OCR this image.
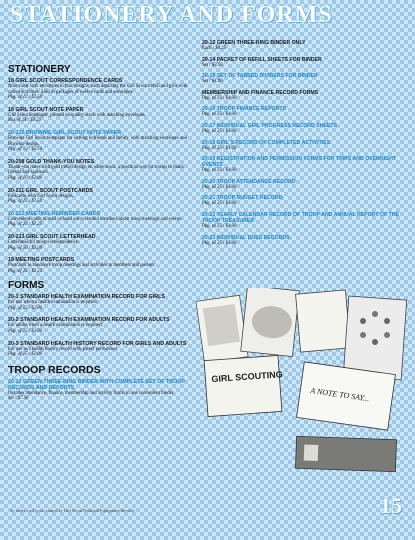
STATIONERY AND FORMS
STATIONERY
18 GIRL SCOUT CORRESPONDENCE CARDS
Note cards with envelopes in four designs, each depicting the Girl Scout trefoil and girls with varied activities. Sold in packages of twelve cards and envelopes.
Pkg. of 12 / $2.50
18 GIRL SCOUT NOTE PAPER
Girl Scout notepaper, printed on quality stock with matching envelopes.
Box of 24 / $3.25
20-210 BROWNIE GIRL SCOUT NOTE PAPER
Brownie Girl Scout notepaper for writing to friends and family, with matching envelopes and Brownie design.
Pkg. of 12 / $1.50
20-208 GOLD THANK-YOU NOTES
Thank-you notes with gold trefoil design on white stock, a practical way for troops to thank friends and sponsors.
Pkg. of 10 / $2.00
20-211 GIRL SCOUT POSTCARDS
Postcards with Girl Scout designs.
Pkg. of 25 / $1.50
20-212 MEETING REMINDER CARDS
Convenient cards to mail or hand out to remind members about troop meetings and events.
Pkg. of 25 / $1.25
20-213 GIRL SCOUT LETTERHEAD
Letterhead for troop correspondence.
Pkg. of 50 / $2.00
18 MEETING POSTCARDS
Postcards to announce troop meetings and activities to members and parents.
Pkg. of 25 / $1.25
FORMS
20-1 STANDARD HEALTH EXAMINATION RECORD FOR GIRLS
For use when a health examination is required.
Pkg. of 25 / $1.00
20-2 STANDARD HEALTH EXAMINATION RECORD FOR ADULTS
For adults when a health examination is required.
Pkg. of 25 / $1.00
20-3 STANDARD HEALTH HISTORY RECORD FOR GIRLS AND ADULTS
For use as a health history record with parent permission.
Pkg. of 25 / $1.00
TROOP RECORDS
20-12 GREEN THREE-RING BINDER WITH COMPLETE SET OF TROOP RECORDS AND REPORTS
Includes attendance, finance, membership and activity forms in one convenient binder.
Set / $7.50
20-12 GREEN THREE-RING BINDER ONLY
Each / $4.25
20-14 PACKET OF REFILL SHEETS FOR BINDER
Set / $3.50
20-15 SET OF TABBED DIVIDERS FOR BINDER
Set / $1.00
MEMBERSHIP AND FINANCE RECORD FORMS
Pkg. of 25 / $1.00
20-16 TROOP FINANCE REPORTS
Pkg. of 25 / $1.00
20-17 INDIVIDUAL GIRL PROGRESS RECORD SHEETS
Pkg. of 25 / $1.00
20-18 GIRL'S RECORD OF COMPLETED ACTIVITIES
Pkg. of 25 / $1.00
20-19 REGISTRATION AND PERMISSION FORMS FOR TRIPS AND OVERNIGHT EVENTS
Pkg. of 25 / $1.00
20-20 TROOP ATTENDANCE RECORD
Pkg. of 25 / $1.00
20-21 TROOP BUDGET RECORD
Pkg. of 25 / $1.00
20-22 YEARLY CALENDAR RECORD OF TROOP AND ANNUAL REPORT OF THE TROOP TREASURER
Pkg. of 25 / $1.00
20-23 INDIVIDUAL DUES RECORDS
Pkg. of 25 / $1.00
GIRL SCOUTING
A NOTE TO SAY...
To order, call your council or Girl Scout National Equipment Service.	15
